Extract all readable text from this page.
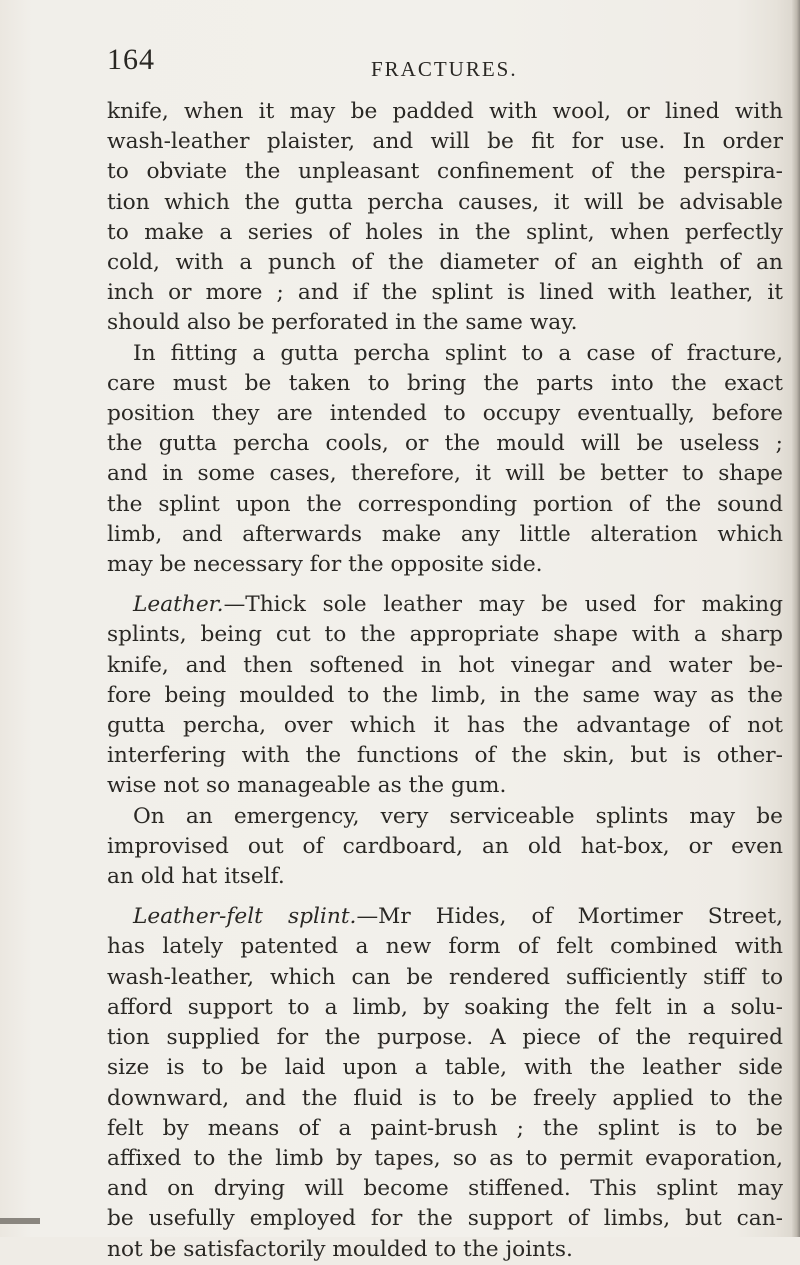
164	FRACTURES.

knife, when it may be padded with wool, or lined with

wash-leather plaister, and will be fit for use. In order

to obviate the unpleasant confinement of the perspira-

tion which the gutta percha causes, it will be advisable

to make a series of holes in the splint, when perfectly

cold, with a punch of the diameter of an eighth of an

inch or more ; and if the splint is lined with leather, it

should also be perforated in the same way.

In fitting a gutta percha splint to a case of fracture,

care must be taken to bring the parts into the exact

position they are intended to occupy eventually, before

the gutta percha cools, or the mould will be useless ;

and in some cases, therefore, it will be better to shape

the splint upon the corresponding portion of the sound

limb, and afterwards make any little alteration which

may be necessary for the opposite side.

Leather.—Thick sole leather may be used for making

splints, being cut to the appropriate shape with a sharp

knife, and then softened in hot vinegar and water be-

fore being moulded to the limb, in the same way as the

gutta percha, over which it has the advantage of not

interfering with the functions of the skin, but is other-

wise not so manageable as the gum.

On an emergency, very serviceable splints may be

improvised out of cardboard, an old hat-box, or even

an old hat itself.

Leather-felt splint.—Mr Hides, of Mortimer Street,

has lately patented a new form of felt combined with

wash-leather, which can be rendered sufficiently stiff to

afford support to a limb, by soaking the felt in a solu-

tion supplied for the purpose. A piece of the required

size is to be laid upon a table, with the leather side

downward, and the fluid is to be freely applied to the

felt by means of a paint-brush ; the splint is to be

affixed to the limb by tapes, so as to permit evaporation,

and on drying will become stiffened. This splint may

be usefully employed for the support of limbs, but can-

not be satisfactorily moulded to the joints.
